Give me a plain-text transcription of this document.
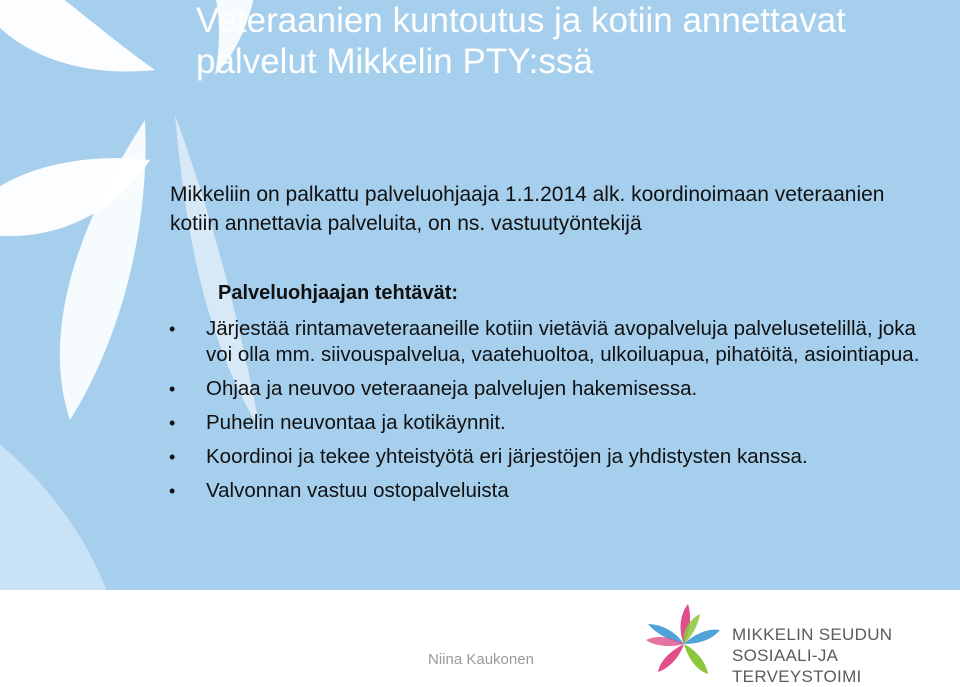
Veteraanien kuntoutus ja kotiin annettavat palvelut Mikkelin PTY:ssä
Mikkeliin on palkattu palveluohjaaja 1.1.2014 alk. koordinoimaan veteraanien kotiin annettavia palveluita, on ns. vastuutyöntekijä
Palveluohjaajan tehtävät:
• Järjestää rintamaveteraaneille kotiin vietäviä avopalveluja palvelusetelillä, joka voi olla mm. siivouspalvelua, vaatehuoltoa, ulkoiluapua, pihatöitä, asiointiapua.
• Ohjaa ja neuvoo veteraaneja palvelujen hakemisessa.
• Puhelin neuvontaa ja kotikäynnit.
• Koordinoi ja tekee yhteistyötä eri järjestöjen ja yhdistysten kanssa.
• Valvonnan vastuu ostopalveluista
Niina Kaukonen
MIKKELIN SEUDUN
SOSIAALI-JA TERVEYSTOIMI
